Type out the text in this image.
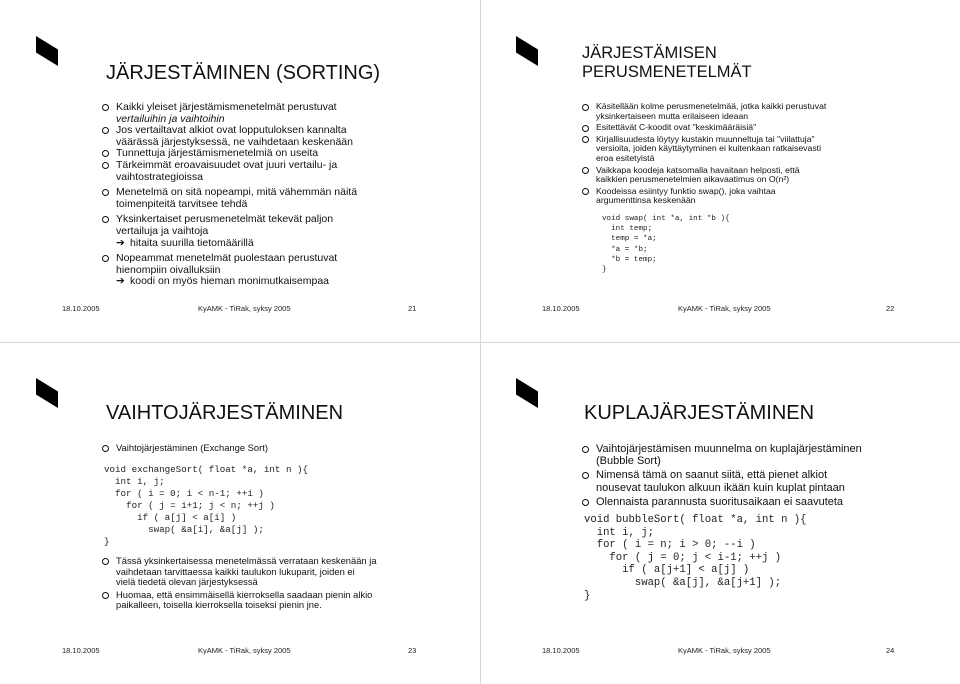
JÄRJESTÄMINEN (SORTING)
Kaikki yleiset järjestämismenetelmät perustuvat
vertailuihin ja vaihtoihin
Jos vertailtavat alkiot ovat lopputuloksen kannalta
väärässä järjestyksessä, ne vaihdetaan keskenään
Tunnettuja järjestämismenetelmiä on useita
Tärkeimmät eroavaisuudet ovat juuri vertailu- ja
vaihtostrategioissa
Menetelmä on sitä nopeampi, mitä vähemmän näitä
toimenpiteitä tarvitsee tehdä
Yksinkertaiset perusmenetelmät tekevät paljon
vertailuja ja vaihtoja
➔ hitaita suurilla tietomäärillä
Nopeammat menetelmät puolestaan perustuvat
hienompiin oivalluksiin
➔ koodi on myös hieman monimutkaisempaa
18.10.2005	KyAMK - TiRak, syksy 2005	21
JÄRJESTÄMISEN
PERUSMENETELMÄT
Käsitellään kolme perusmenetelmää, jotka kaikki perustuvat
yksinkertaiseen mutta erilaiseen ideaan
Esitettävät C-koodit ovat "keskimääräisiä"
Kirjallisuudesta löytyy kustakin muunneltuja tai "viilattuja"
versioita, joiden käyttäytyminen ei kuitenkaan ratkaisevasti
eroa esitetyistä
Vaikkapa koodeja katsomalla havaitaan helposti, että
kaikkien perusmenetelmien aikavaatimus on O(n²)
Koodeissa esiintyy funktio swap(), joka vaihtaa
argumenttinsa keskenään
void swap( int *a, int *b ){
int temp;
temp = *a;
*a = *b;
*b = temp;
}
18.10.2005	KyAMK - TiRak, syksy 2005	22
VAIHTOJÄRJESTÄMINEN
Vaihtojärjestäminen (Exchange Sort)
void exchangeSort( float *a, int n ){
int i, j;
for ( i = 0; i < n-1; ++i )
for ( j = i+1; j < n; ++j )
if ( a[j] < a[i] )
swap( &a[i], &a[j] );
}
Tässä yksinkertaisessa menetelmässä verrataan keskenään ja
vaihdetaan tarvittaessa kaikki taulukon lukuparit, joiden ei
vielä tiedetä olevan järjestyksessä
Huomaa, että ensimmäisellä kierroksella saadaan pienin alkio
paikalleen, toisella kierroksella toiseksi pienin jne.
18.10.2005	KyAMK - TiRak, syksy 2005	23
KUPLAJÄRJESTÄMINEN
Vaihtojärjestämisen muunnelma on kuplajärjestäminen
(Bubble Sort)
Nimensä tämä on saanut siitä, että pienet alkiot
nousevat taulukon alkuun ikään kuin kuplat pintaan
Olennaista parannusta suoritusaikaan ei saavuteta
void bubbleSort( float *a, int n ){
int i, j;
for ( i = n; i > 0; --i )
for ( j = 0; j < i-1; ++j )
if ( a[j+1] < a[j] )
swap( &a[j], &a[j+1] );
}
18.10.2005	KyAMK - TiRak, syksy 2005	24
